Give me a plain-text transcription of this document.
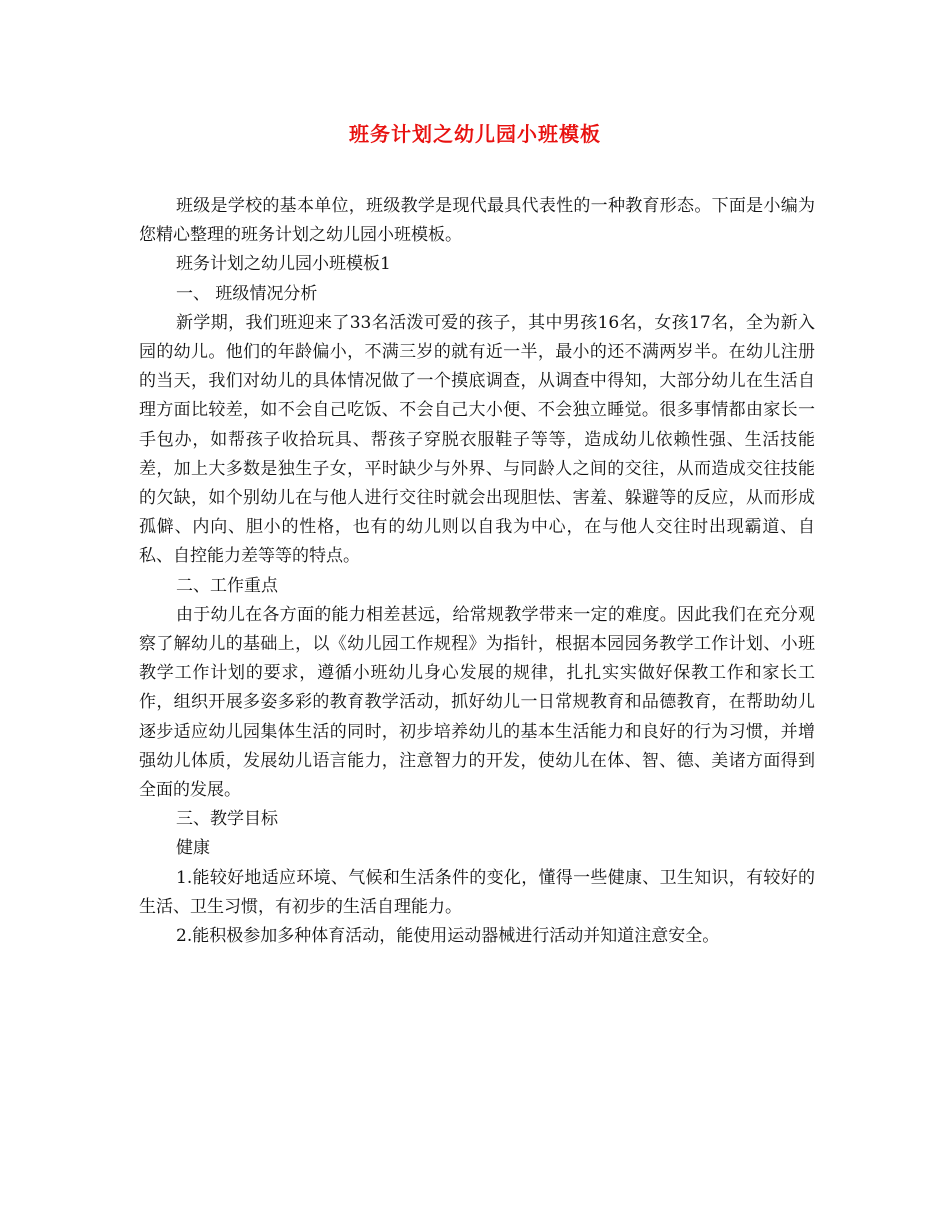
班务计划之幼儿园小班模板

班级是学校的基本单位，班级教学是现代最具代表性的一种教育形态。下面是小编为您精心整理的班务计划之幼儿园小班模板。

班务计划之幼儿园小班模板1

一、 班级情况分析

新学期，我们班迎来了33名活泼可爱的孩子，其中男孩16名，女孩17名，全为新入园的幼儿。他们的年龄偏小，不满三岁的就有近一半，最小的还不满两岁半。在幼儿注册的当天，我们对幼儿的具体情况做了一个摸底调查，从调查中得知，大部分幼儿在生活自理方面比较差，如不会自己吃饭、不会自己大小便、不会独立睡觉。很多事情都由家长一手包办，如帮孩子收拾玩具、帮孩子穿脱衣服鞋子等等，造成幼儿依赖性强、生活技能差，加上大多数是独生子女，平时缺少与外界、与同龄人之间的交往，从而造成交往技能的欠缺，如个别幼儿在与他人进行交往时就会出现胆怯、害羞、躲避等的反应，从而形成孤僻、内向、胆小的性格，也有的幼儿则以自我为中心，在与他人交往时出现霸道、自私、自控能力差等等的特点。

二、工作重点

由于幼儿在各方面的能力相差甚远，给常规教学带来一定的难度。因此我们在充分观察了解幼儿的基础上，以《幼儿园工作规程》为指针，根据本园园务教学工作计划、小班教学工作计划的要求，遵循小班幼儿身心发展的规律，扎扎实实做好保教工作和家长工作，组织开展多姿多彩的教育教学活动，抓好幼儿一日常规教育和品德教育，在帮助幼儿逐步适应幼儿园集体生活的同时，初步培养幼儿的基本生活能力和良好的行为习惯，并增强幼儿体质，发展幼儿语言能力，注意智力的开发，使幼儿在体、智、德、美诸方面得到全面的发展。

三、教学目标

健康

1.能较好地适应环境、气候和生活条件的变化，懂得一些健康、卫生知识，有较好的生活、卫生习惯，有初步的生活自理能力。

2.能积极参加多种体育活动，能使用运动器械进行活动并知道注意安全。
